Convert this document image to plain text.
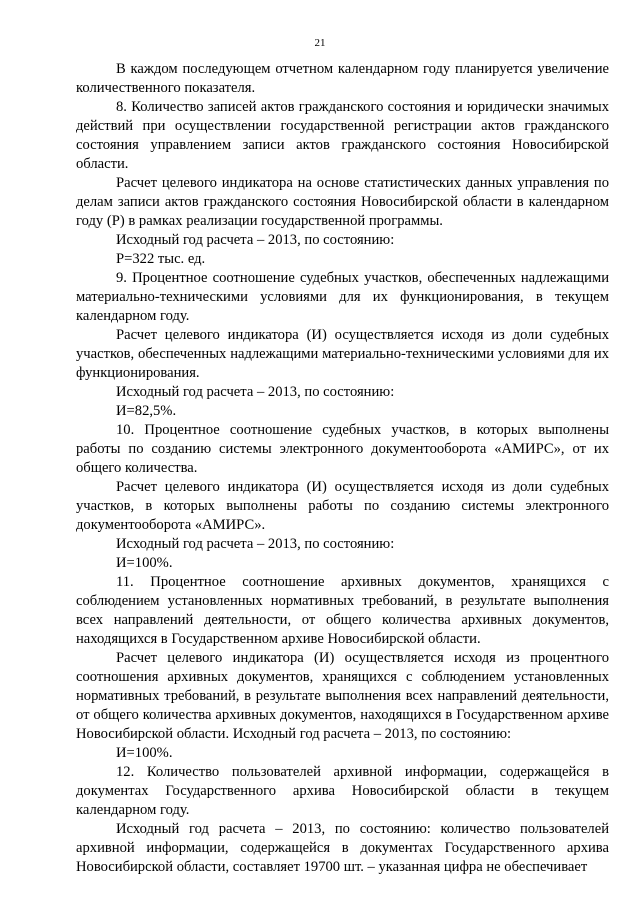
21

В каждом последующем отчетном календарном году планируется увеличение количественного показателя.

8. Количество записей актов гражданского состояния и юридически значимых действий при осуществлении государственной регистрации актов гражданского состояния управлением записи актов гражданского состояния Новосибирской области.

Расчет целевого индикатора на основе статистических данных управления по делам записи актов гражданского состояния Новосибирской области в календарном году (Р) в рамках реализации государственной программы.

Исходный год расчета – 2013, по состоянию:

Р=322 тыс. ед.

9. Процентное соотношение судебных участков, обеспеченных надлежащими материально-техническими условиями для их функционирования, в текущем календарном году.

Расчет целевого индикатора (И) осуществляется исходя из доли судебных участков, обеспеченных надлежащими материально-техническими условиями для их функционирования.

Исходный год расчета – 2013, по состоянию:

И=82,5%.

10. Процентное соотношение судебных участков, в которых выполнены работы по созданию системы электронного документооборота «АМИРС», от их общего количества.

Расчет целевого индикатора (И) осуществляется исходя из доли судебных участков, в которых выполнены работы по созданию системы электронного документооборота «АМИРС».

Исходный год расчета – 2013, по состоянию:

И=100%.

11. Процентное соотношение архивных документов, хранящихся с соблюдением установленных нормативных требований, в результате выполнения всех направлений деятельности, от общего количества архивных документов, находящихся в Государственном архиве Новосибирской области.

Расчет целевого индикатора (И) осуществляется исходя из процентного соотношения архивных документов, хранящихся с соблюдением установленных нормативных требований, в результате выполнения всех направлений деятельности, от общего количества архивных документов, находящихся в Государственном архиве Новосибирской области. Исходный год расчета – 2013, по состоянию:

И=100%.

12. Количество пользователей архивной информации, содержащейся в документах Государственного архива Новосибирской области в текущем календарном году.

Исходный год расчета – 2013, по состоянию: количество пользователей архивной информации, содержащейся в документах Государственного архива Новосибирской области, составляет 19700 шт. – указанная цифра не обеспечивает
